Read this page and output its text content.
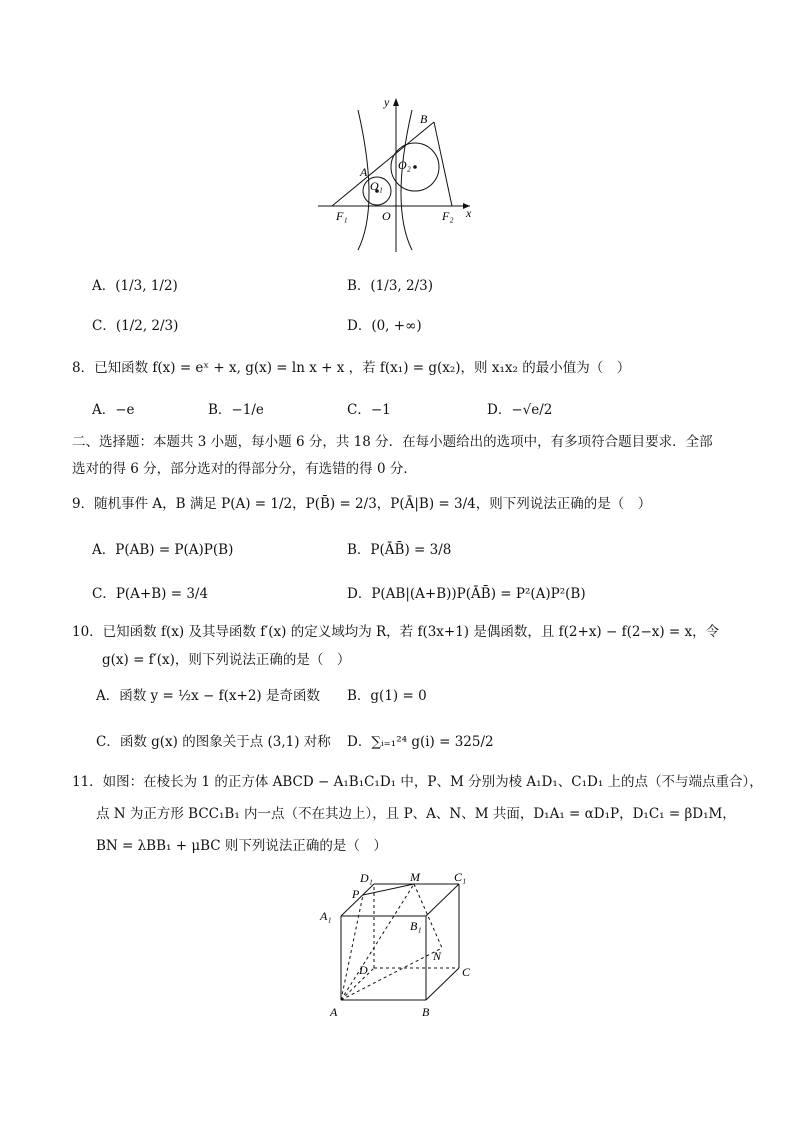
y
x
B
A
O₁
O₂
F₁	F₂
O
A．(1/3, 1/2)	B．(1/3, 2/3)
C．(1/2, 2/3)	D．(0, +∞)
8．已知函数 f(x) = eˣ + x, g(x) = ln x + x ，若 f(x₁) = g(x₂)，则 x₁x₂ 的最小值为（　）
A．−e	B．−1/e	C．−1	D．−√e/2
二、选择题：本题共 3 小题，每小题 6 分，共 18 分．在每小题给出的选项中，有多项符合题目要求．全部
选对的得 6 分，部分选对的得部分分，有选错的得 0 分．
9．随机事件 A，B 满足 P(A) = 1/2，P(B̄) = 2/3，P(Ā|B) = 3/4，则下列说法正确的是（　）
A．P(AB) = P(A)P(B)	B．P(ĀB̄) = 3/8
C．P(A+B) = 3/4	D．P(AB|(A+B))P(ĀB̄) = P²(A)P²(B)
10．已知函数 f(x) 及其导函数 f′(x) 的定义域均为 R，若 f(3x+1) 是偶函数，且 f(2+x) − f(2−x) = x，令
g(x) = f′(x)，则下列说法正确的是（　）
A．函数 y = ½x − f(x+2) 是奇函数 B．g(1) = 0
C．函数 g(x) 的图象关于点 (3,1) 对称 D．∑ᵢ₌₁²⁴ g(i) = 325/2
11．如图：在棱长为 1 的正方体 ABCD − A₁B₁C₁D₁ 中，P、M 分别为棱 A₁D₁、C₁D₁ 上的点（不与端点重合），
点 N 为正方形 BCC₁B₁ 内一点（不在其边上），且 P、A、N、M 共面，D₁A₁ = αD₁P，D₁C₁ = βD₁M，
BN = λBB₁ + μBC 则下列说法正确的是（　）
D₁	M	C₁
P
A₁
B₁
N
D	C
A	B
